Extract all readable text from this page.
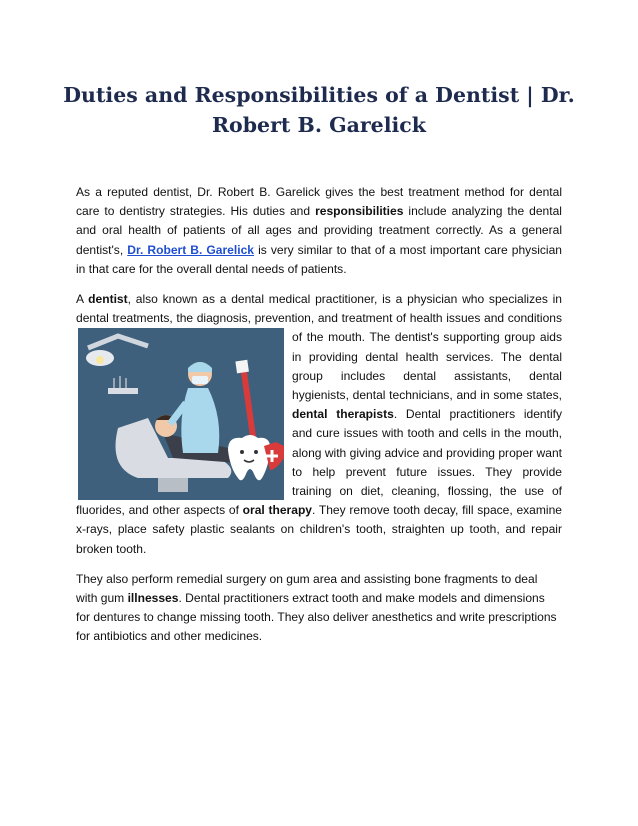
Duties and Responsibilities of a Dentist | Dr. Robert B. Garelick

As a reputed dentist, Dr. Robert B. Garelick gives the best treatment method for dental care to dentistry strategies. His duties and responsibilities include analyzing the dental and oral health of patients of all ages and providing treatment correctly. As a general dentist's, Dr. Robert B. Garelick is very similar to that of a most important care physician in that care for the overall dental needs of patients.

A dentist, also known as a dental medical practitioner, is a physician who specializes in dental treatments, the diagnosis, prevention, and treatment of health issues and
conditions of the mouth. The dentist's supporting group aids in providing dental health services. The dental group includes dental assistants, dental hygienists, dental technicians, and in some states, dental therapists. Dental practitioners identify and cure issues with tooth and cells in the mouth, along with giving advice and providing proper want to help prevent future issues. They provide training on diet, cleaning, flossing, the use of fluorides, and other aspects of oral therapy. They remove tooth decay, fill space, examine x-rays, place safety plastic sealants on children's tooth, straighten up tooth, and repair broken tooth.

They also perform remedial surgery on gum area and assisting bone fragments to deal with gum illnesses. Dental practitioners extract tooth and make models and dimensions for dentures to change missing tooth. They also deliver anesthetics and write prescriptions for antibiotics and other medicines.
